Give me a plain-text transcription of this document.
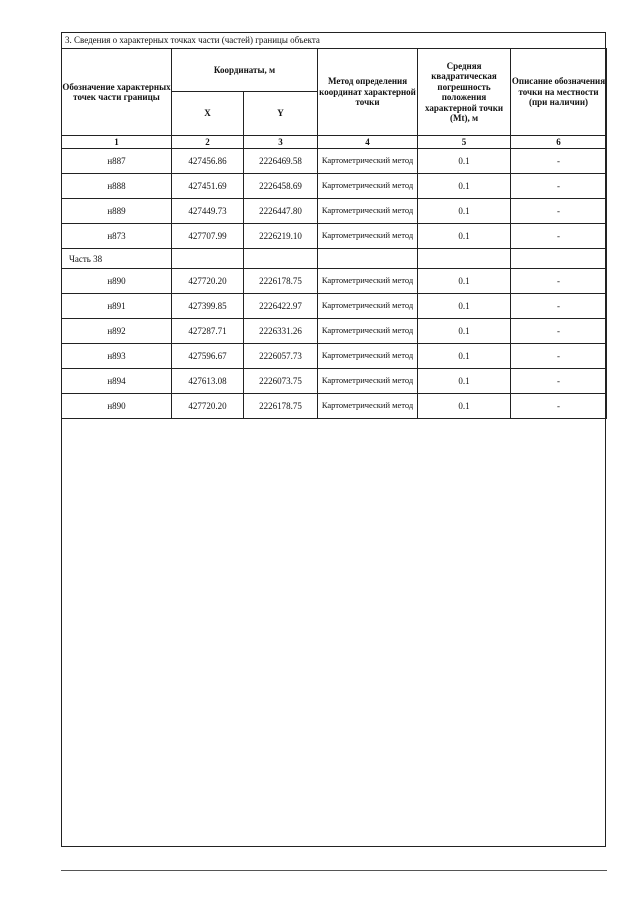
3. Сведения о характерных точках части (частей) границы объекта
Обозначение характерных точек части границы	Координаты, м		Метод определения координат характерной точки	Средняя квадратическая погрешность положения характерной точки (Mt), м	Описание обозначения точки на местности (при наличии)
	X	Y			
1	2	3	4	5	6
н887	427456.86	2226469.58	Картометрический метод	0.1	-
н888	427451.69	2226458.69	Картометрический метод	0.1	-
н889	427449.73	2226447.80	Картометрический метод	0.1	-
н873	427707.99	2226219.10	Картометрический метод	0.1	-
Часть 38					
н890	427720.20	2226178.75	Картометрический метод	0.1	-
н891	427399.85	2226422.97	Картометрический метод	0.1	-
н892	427287.71	2226331.26	Картометрический метод	0.1	-
н893	427596.67	2226057.73	Картометрический метод	0.1	-
н894	427613.08	2226073.75	Картометрический метод	0.1	-
н890	427720.20	2226178.75	Картометрический метод	0.1	-
